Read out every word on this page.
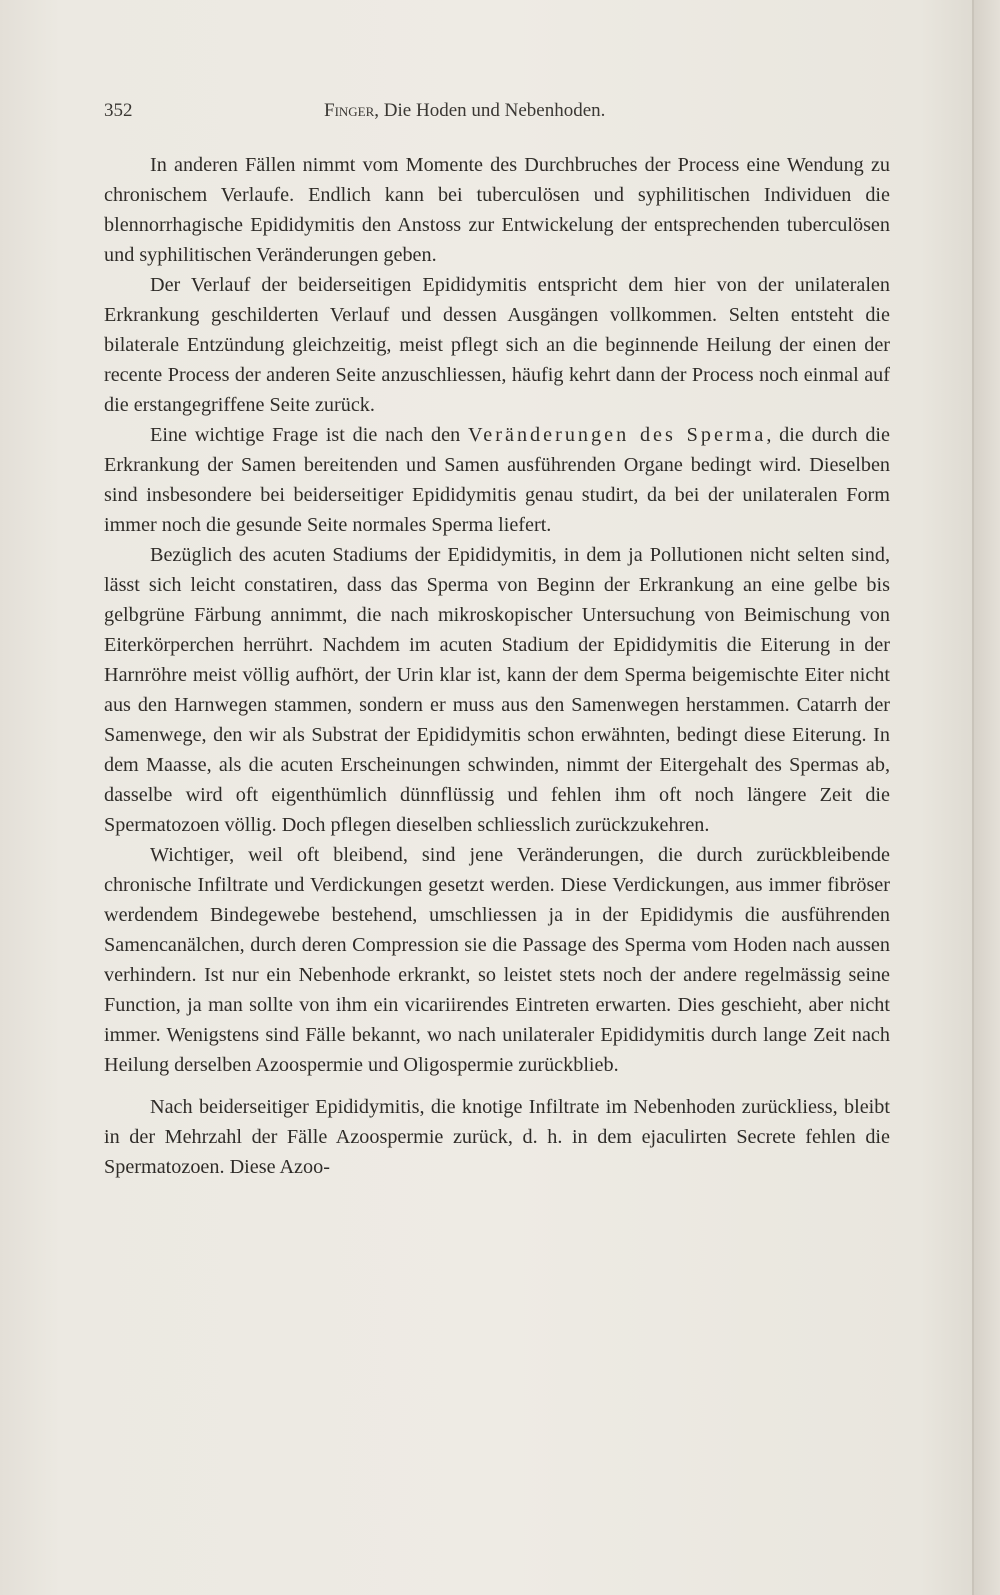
352	Finger, Die Hoden und Nebenhoden.

In anderen Fällen nimmt vom Momente des Durchbruches der Process eine Wendung zu chronischem Verlaufe. Endlich kann bei tuberculösen und syphilitischen Individuen die blennorrhagische Epididymitis den Anstoss zur Entwickelung der entsprechenden tuberculösen und syphilitischen Veränderungen geben.

Der Verlauf der beiderseitigen Epididymitis entspricht dem hier von der unilateralen Erkrankung geschilderten Verlauf und dessen Ausgängen vollkommen. Selten entsteht die bilaterale Entzündung gleichzeitig, meist pflegt sich an die beginnende Heilung der einen der recente Process der anderen Seite anzuschliessen, häufig kehrt dann der Process noch einmal auf die erstangegriffene Seite zurück.

Eine wichtige Frage ist die nach den Veränderungen des Sperma, die durch die Erkrankung der Samen bereitenden und Samen ausführenden Organe bedingt wird. Dieselben sind insbesondere bei beiderseitiger Epididymitis genau studirt, da bei der unilateralen Form immer noch die gesunde Seite normales Sperma liefert.

Bezüglich des acuten Stadiums der Epididymitis, in dem ja Pollutionen nicht selten sind, lässt sich leicht constatiren, dass das Sperma von Beginn der Erkrankung an eine gelbe bis gelbgrüne Färbung annimmt, die nach mikroskopischer Untersuchung von Beimischung von Eiterkörperchen herrührt. Nachdem im acuten Stadium der Epididymitis die Eiterung in der Harnröhre meist völlig aufhört, der Urin klar ist, kann der dem Sperma beigemischte Eiter nicht aus den Harnwegen stammen, sondern er muss aus den Samenwegen herstammen. Catarrh der Samenwege, den wir als Substrat der Epididymitis schon erwähnten, bedingt diese Eiterung. In dem Maasse, als die acuten Erscheinungen schwinden, nimmt der Eitergehalt des Spermas ab, dasselbe wird oft eigenthümlich dünnflüssig und fehlen ihm oft noch längere Zeit die Spermatozoen völlig. Doch pflegen dieselben schliesslich zurückzukehren.

Wichtiger, weil oft bleibend, sind jene Veränderungen, die durch zurückbleibende chronische Infiltrate und Verdickungen gesetzt werden. Diese Verdickungen, aus immer fibröser werdendem Bindegewebe bestehend, umschliessen ja in der Epididymis die ausführenden Samencanälchen, durch deren Compression sie die Passage des Sperma vom Hoden nach aussen verhindern. Ist nur ein Nebenhode erkrankt, so leistet stets noch der andere regelmässig seine Function, ja man sollte von ihm ein vicariirendes Eintreten erwarten. Dies geschieht, aber nicht immer. Wenigstens sind Fälle bekannt, wo nach unilateraler Epididymitis durch lange Zeit nach Heilung derselben Azoospermie und Oligospermie zurückblieb.

Nach beiderseitiger Epididymitis, die knotige Infiltrate im Nebenhoden zurückliess, bleibt in der Mehrzahl der Fälle Azoospermie zurück, d. h. in dem ejaculirten Secrete fehlen die Spermatozoen. Diese Azoo-
